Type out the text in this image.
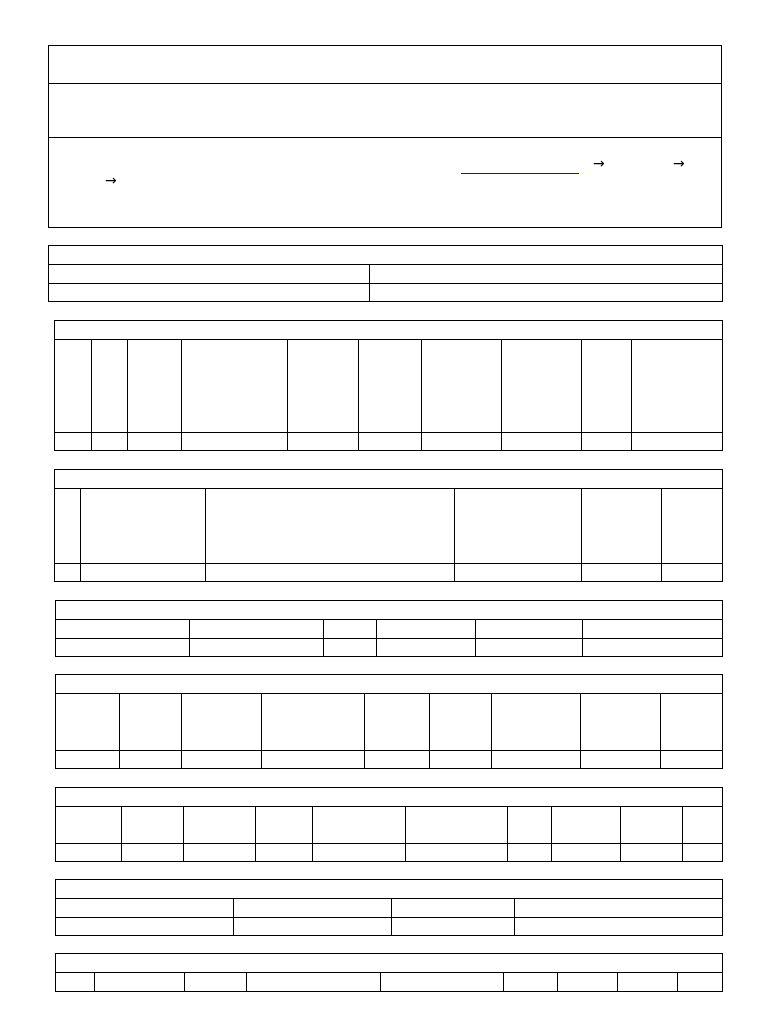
→	→
→
